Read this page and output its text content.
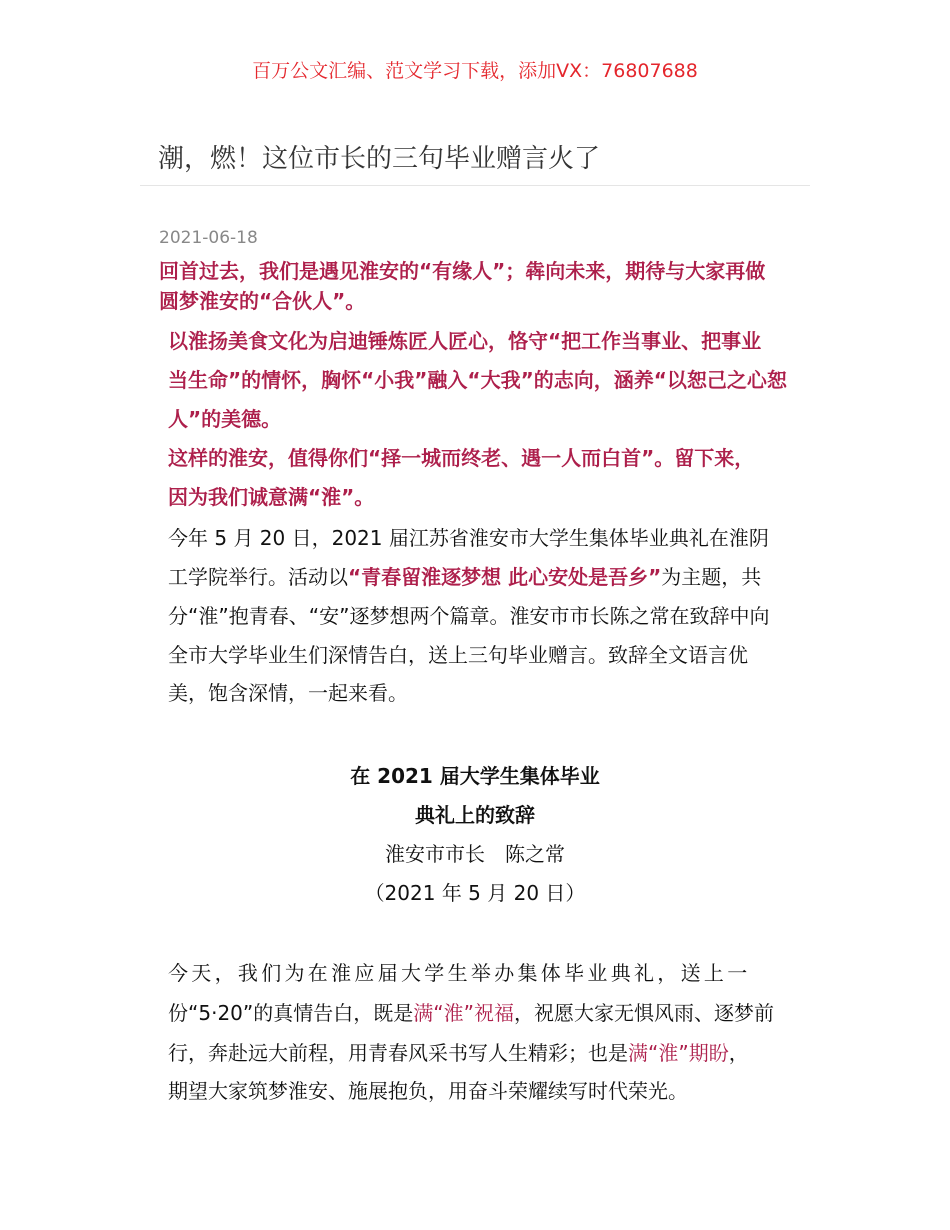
百万公文汇编、范文学习下载，添加VX：76807688
潮，燃！这位市长的三句毕业赠言火了
2021-06-18
回首过去，我们是遇见淮安的“有缘人”；犇向未来，期待与大家再做
圆梦淮安的“合伙人”。
以淮扬美食文化为启迪锤炼匠人匠心，恪守“把工作当事业、把事业
当生命”的情怀，胸怀“小我”融入“大我”的志向，涵养“以恕己之心恕
人”的美德。
这样的淮安，值得你们“择一城而终老、遇一人而白首”。留下来，
因为我们诚意满“淮”。
今年 5 月 20 日，2021 届江苏省淮安市大学生集体毕业典礼在淮阴
工学院举行。活动以“青春留淮逐梦想 此心安处是吾乡”为主题，共
分“淮”抱青春、“安”逐梦想两个篇章。淮安市市长陈之常在致辞中向
全市大学毕业生们深情告白，送上三句毕业赠言。致辞全文语言优
美，饱含深情，一起来看。
在 2021 届大学生集体毕业
典礼上的致辞
淮安市市长　陈之常
（2021 年 5 月 20 日）
今天，我们为在淮应届大学生举办集体毕业典礼，送上一
份“5·20”的真情告白，既是满“淮”祝福，祝愿大家无惧风雨、逐梦前
行，奔赴远大前程，用青春风采书写人生精彩；也是满“淮”期盼，
期望大家筑梦淮安、施展抱负，用奋斗荣耀续写时代荣光。
